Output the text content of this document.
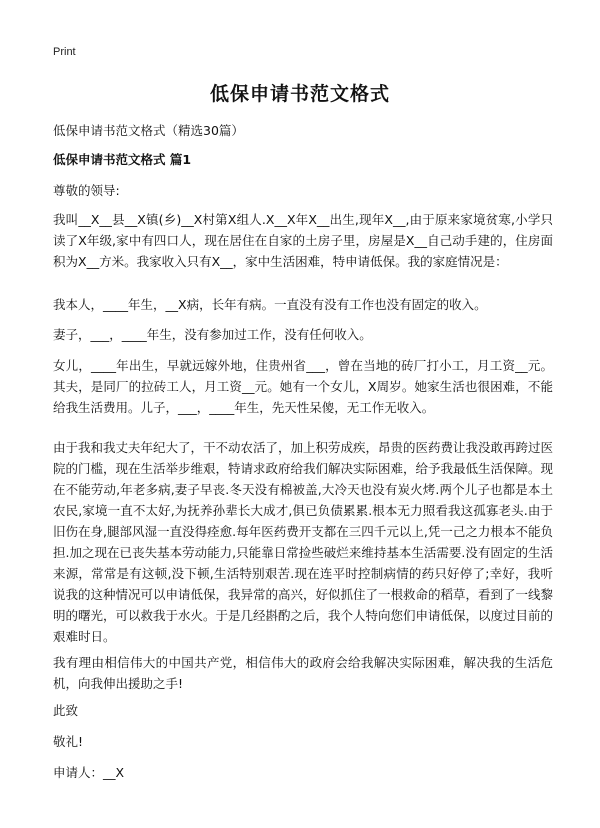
Print
低保申请书范文格式

低保申请书范文格式（精选30篇）

低保申请书范文格式 篇1

尊敬的领导:

我叫__X__县__X镇(乡)__X村第X组人.X__X年X__出生,现年X__,由于原来家境贫寒,小学只读了X年级,家中有四口人，现在居住在自家的土房子里，房屋是X__自己动手建的，住房面积为X__方米。我家收入只有X__，家中生活困难，特申请低保。我的家庭情况是：

我本人，____年生，__X病，长年有病。一直没有没有工作也没有固定的收入。

妻子，___，____年生，没有参加过工作，没有任何收入。

女儿，____年出生，早就远嫁外地，住贵州省___，曾在当地的砖厂打小工，月工资__元。其夫，是同厂的拉砖工人，月工资__元。她有一个女儿，X周岁。她家生活也很困难，不能给我生活费用。儿子，___，____年生，先天性呆傻，无工作无收入。

由于我和我丈夫年纪大了，干不动农活了，加上积劳成疾，昂贵的医药费让我没敢再跨过医院的门槛，现在生活举步维艰，特请求政府给我们解决实际困难，给予我最低生活保障。现在不能劳动,年老多病,妻子早丧.冬天没有棉被盖,大冷天也没有炭火烤.两个儿子也都是本土农民,家境一直不太好,为抚养孙辈长大成才,俱已负债累累.根本无力照看我这孤寡老头.由于旧伤在身,腿部风湿一直没得痊愈.每年医药费开支都在三四千元以上,凭一己之力根本不能负担.加之现在已丧失基本劳动能力,只能靠日常捡些破烂来维持基本生活需要.没有固定的生活来源，常常是有这顿,没下顿,生活特别艰苦.现在连平时控制病情的药只好停了;幸好，我听说我的这种情况可以申请低保，我异常的高兴，好似抓住了一根救命的稻草，看到了一线黎明的曙光，可以救我于水火。于是几经斟酌之后，我个人特向您们申请低保，以度过目前的艰难时日。

我有理由相信伟大的中国共产党，相信伟大的政府会给我解决实际困难，解决我的生活危机，向我伸出援助之手!

此致

敬礼!

申请人：__X
